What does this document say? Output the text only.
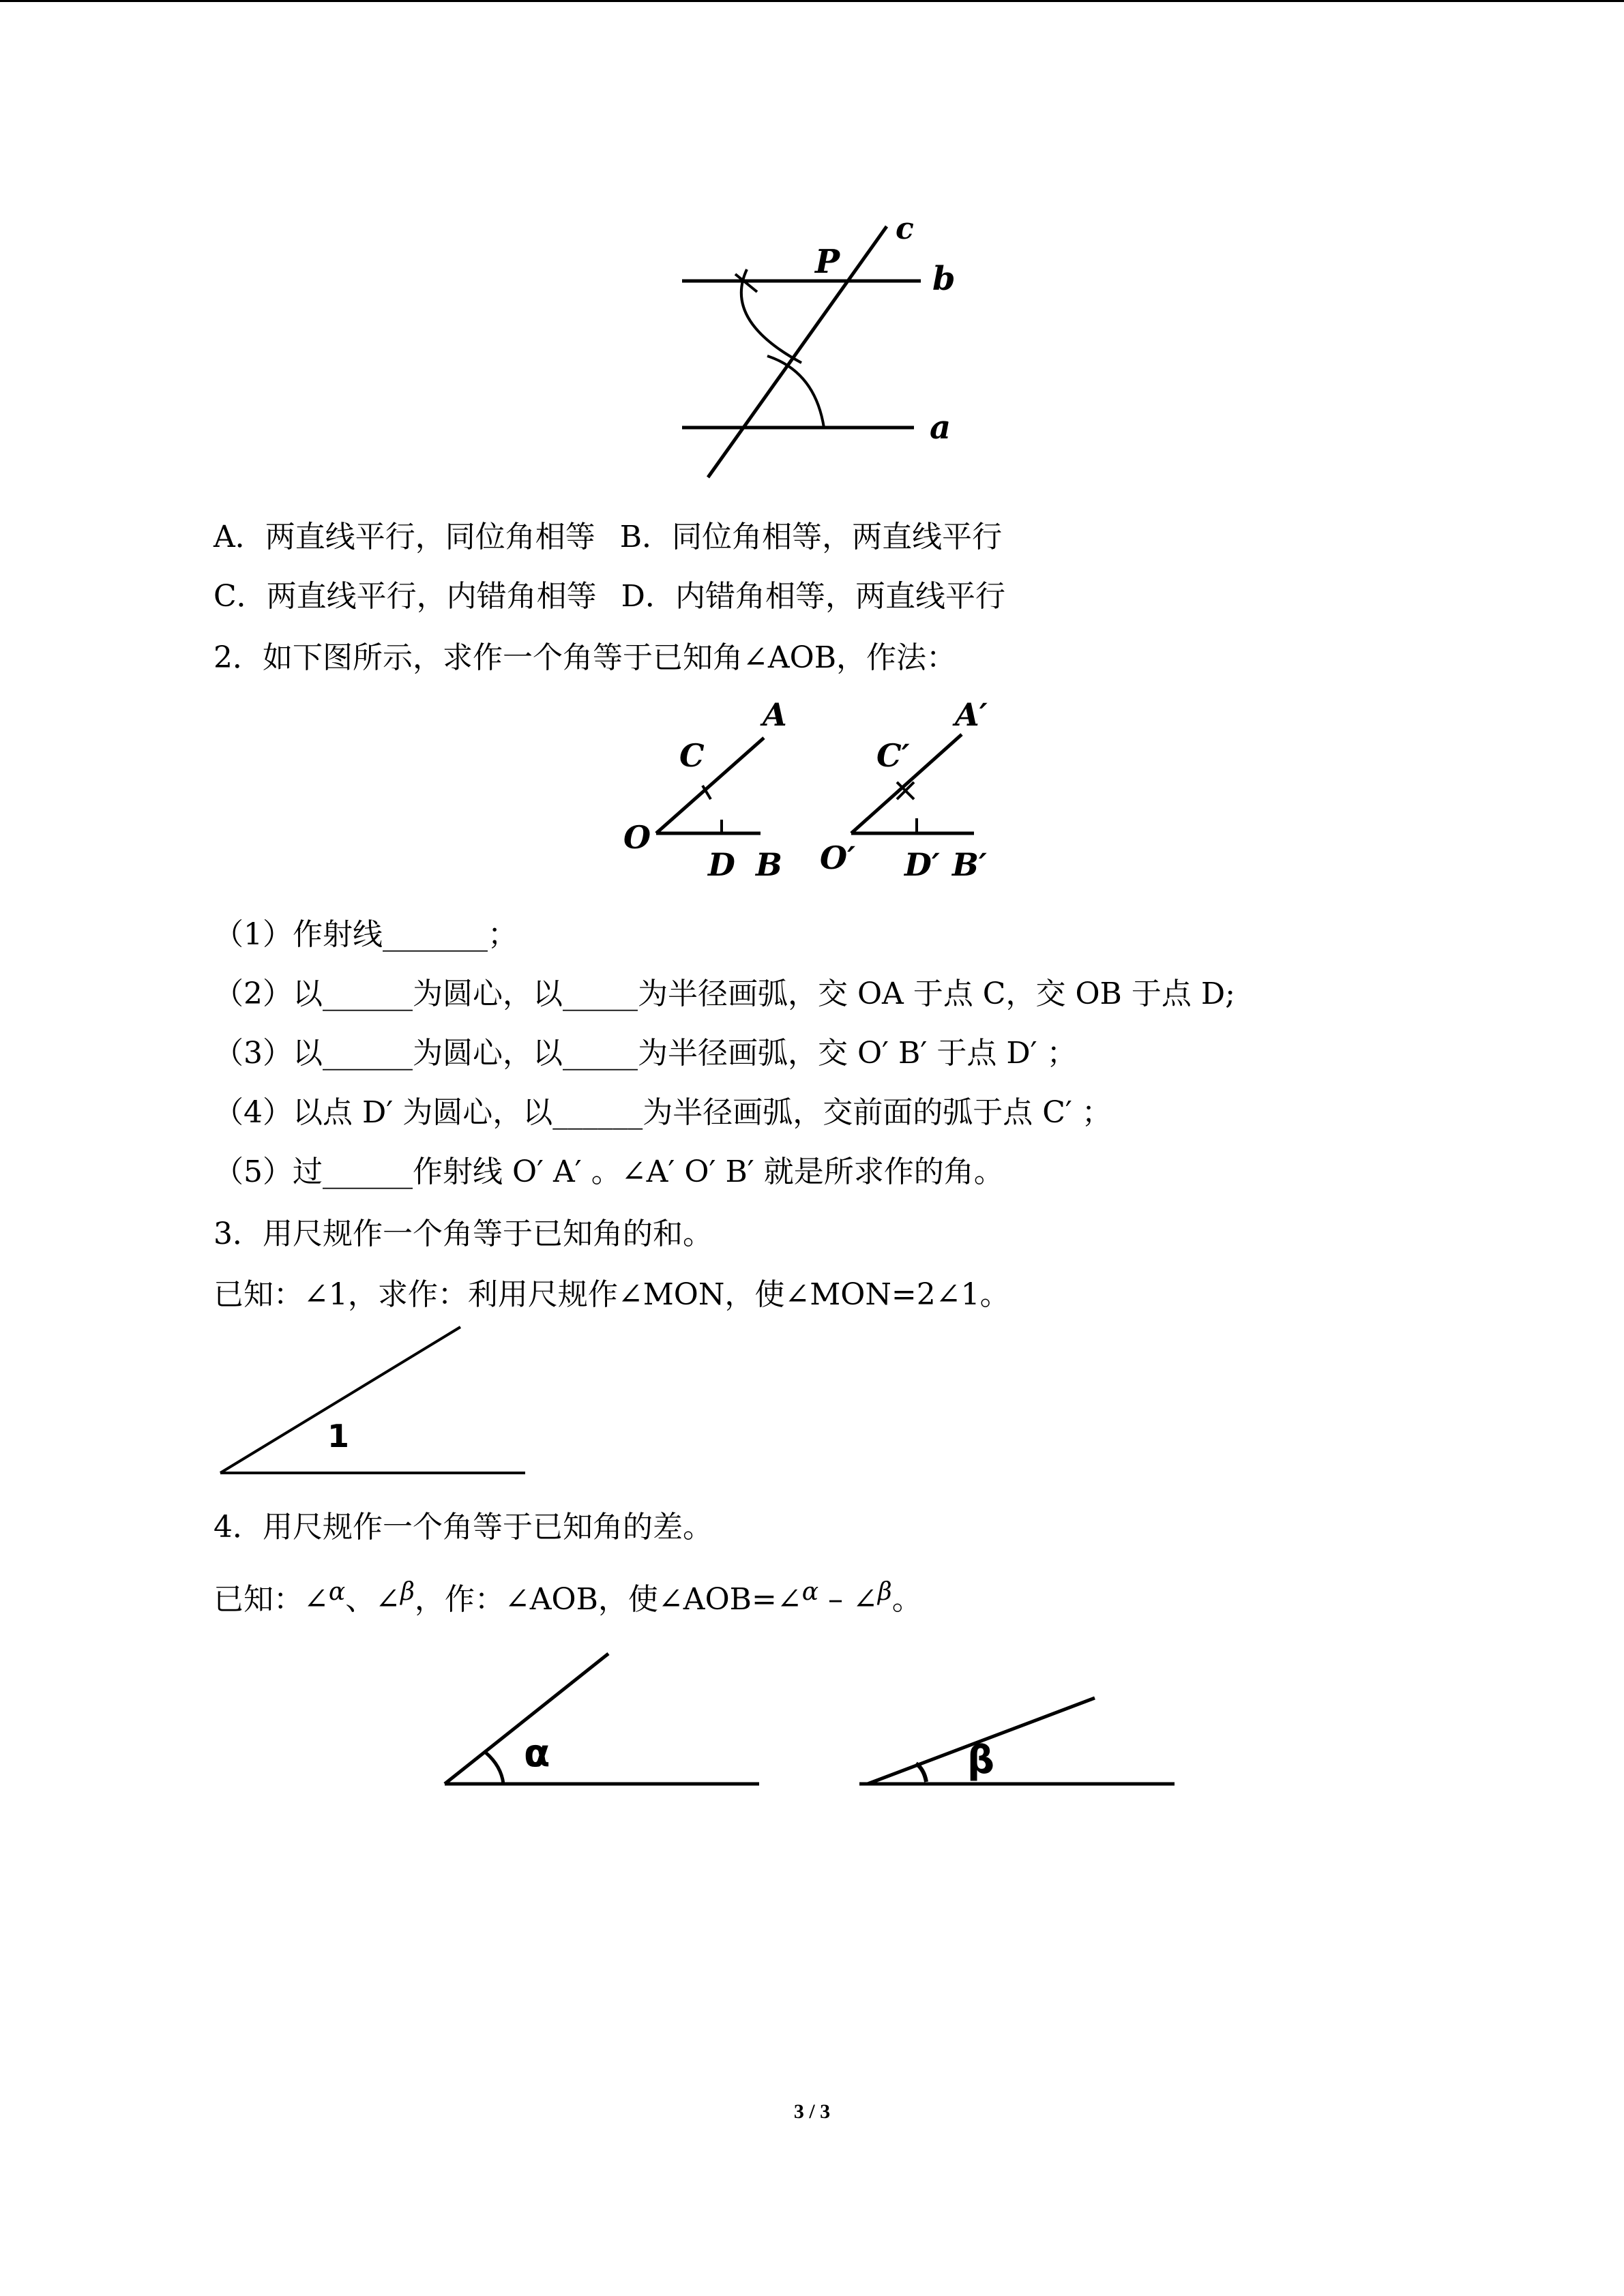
c
P	b
a
A．两直线平行，同位角相等 B．同位角相等，两直线平行
C．两直线平行，内错角相等 D．内错角相等，两直线平行
2．如下图所示，求作一个角等于已知角∠AOB，作法：
A
C
O
D B
A′
C′
O′ D′ B′
（1）作射线_______；
（2）以______为圆心，以_____为半径画弧，交 OA 于点 C，交 OB 于点 D;
（3）以______为圆心，以_____为半径画弧，交 O′ B′ 于点 D′ ；
（4）以点 D′ 为圆心，以______为半径画弧，交前面的弧于点 C′ ；
（5）过______作射线 O′ A′ 。∠A′ O′ B′ 就是所求作的角。
3．用尺规作一个角等于已知角的和。
已知：∠1，求作：利用尺规作∠MON，使∠MON=2∠1。
1
4．用尺规作一个角等于已知角的差。
已知：∠$^\alpha$、∠$^\beta$，作：∠AOB，使∠AOB=∠$^\alpha$ – ∠$^\beta$。
α	β
3 / 3
